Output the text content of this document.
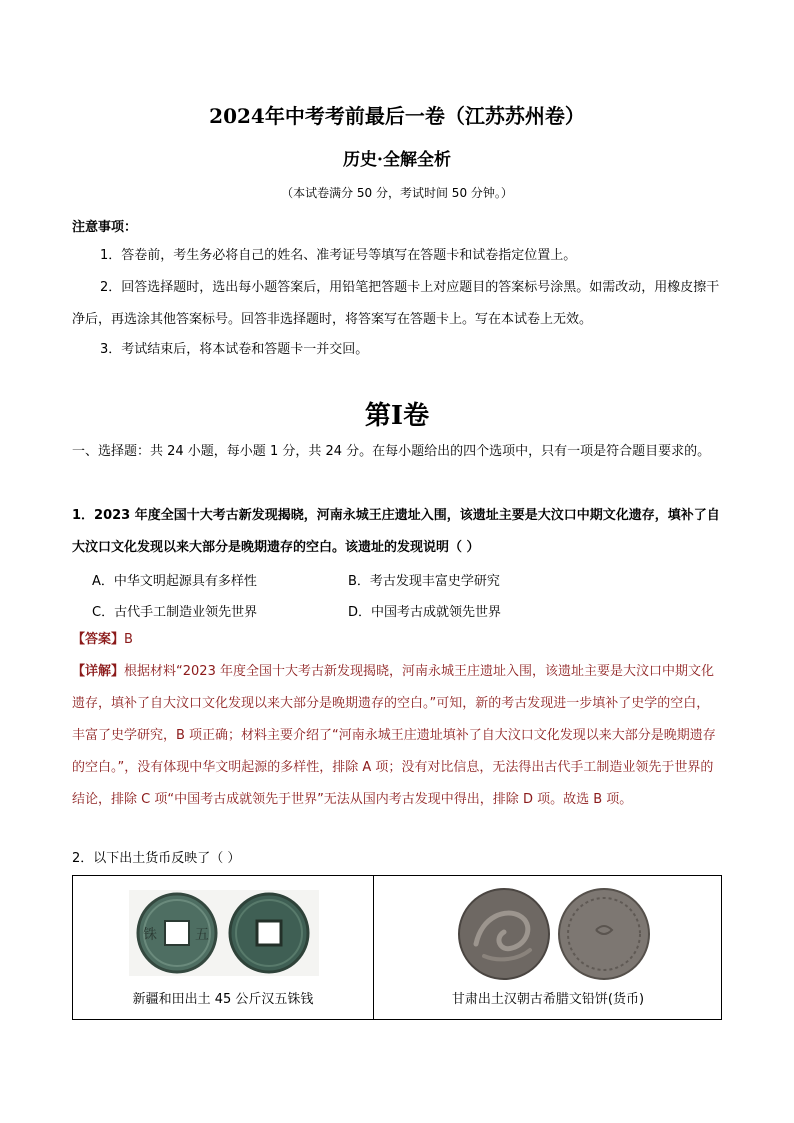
2024年中考考前最后一卷（江苏苏州卷）
历史·全解全析
（本试卷满分 50 分，考试时间 50 分钟。）
注意事项：
1．答卷前，考生务必将自己的姓名、准考证号等填写在答题卡和试卷指定位置上。
2．回答选择题时，选出每小题答案后，用铅笔把答题卡上对应题目的答案标号涂黑。如需改动，用橡皮擦干净后，再选涂其他答案标号。回答非选择题时，将答案写在答题卡上。写在本试卷上无效。
3．考试结束后，将本试卷和答题卡一并交回。
第Ⅰ卷
一、选择题：共 24 小题，每小题 1 分，共 24 分。在每小题给出的四个选项中，只有一项是符合题目要求的。
1．2023 年度全国十大考古新发现揭晓，河南永城王庄遗址入围，该遗址主要是大汶口中期文化遗存，填补了自大汶口文化发现以来大部分是晚期遗存的空白。该遗址的发现说明（ ）
A．中华文明起源具有多样性	B．考古发现丰富史学研究
C．古代手工制造业领先世界	D．中国考古成就领先世界
【答案】B
【详解】根据材料“2023 年度全国十大考古新发现揭晓，河南永城王庄遗址入围，该遗址主要是大汶口中期文化遗存，填补了自大汶口文化发现以来大部分是晚期遗存的空白。”可知，新的考古发现进一步填补了史学的空白，丰富了史学研究，B 项正确；材料主要介绍了“河南永城王庄遗址填补了自大汶口文化发现以来大部分是晚期遗存的空白。”，没有体现中华文明起源的多样性，排除 A 项；没有对比信息，无法得出古代手工制造业领先于世界的结论，排除 C 项“中国考古成就领先于世界”无法从国内考古发现中得出，排除 D 项。故选 B 项。
2．以下出土货币反映了（ ）
铢	五
新疆和田出土 45 公斤汉五铢钱	甘肃出土汉朝古希腊文铅饼(货币)
